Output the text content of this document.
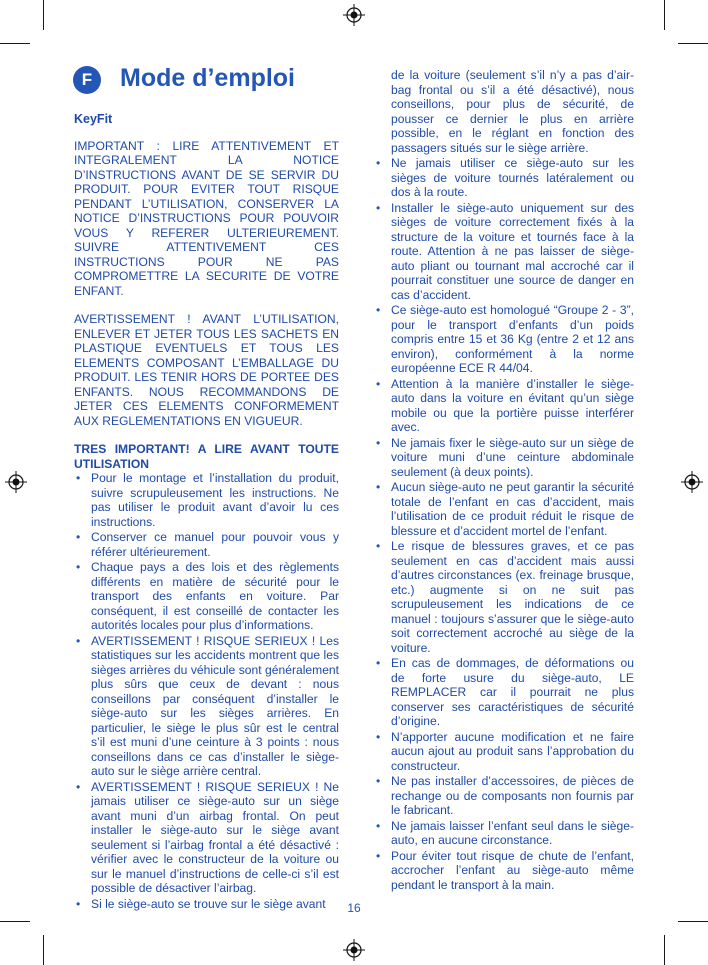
F	Mode d’emploi

KeyFit

IMPORTANT : LIRE ATTENTIVEMENT ET INTEGRALEMENT LA NOTICE D’INSTRUCTIONS AVANT DE SE SERVIR DU PRODUIT. POUR EVITER TOUT RISQUE PENDANT L’UTILISATION, CONSERVER LA NOTICE D’INSTRUCTIONS POUR POUVOIR VOUS Y REFERER ULTERIEUREMENT. SUIVRE ATTENTIVEMENT CES INSTRUCTIONS POUR NE PAS COMPROMETTRE LA SECURITE DE VOTRE ENFANT.

AVERTISSEMENT ! AVANT L’UTILISATION, ENLEVER ET JETER TOUS LES SACHETS EN PLASTIQUE EVENTUELS ET TOUS LES ELEMENTS COMPOSANT L’EMBALLAGE DU PRODUIT. LES TENIR HORS DE PORTEE DES ENFANTS. NOUS RECOMMANDONS DE JETER CES ELEMENTS CONFORMEMENT AUX REGLEMENTATIONS EN VIGUEUR.

TRES IMPORTANT! A LIRE AVANT TOUTE UTILISATION

• Pour le montage et l’installation du produit, suivre scrupuleusement les instructions. Ne pas utiliser le produit avant d’avoir lu ces instructions.
• Conserver ce manuel pour pouvoir vous y référer ultérieurement.
• Chaque pays a des lois et des règlements différents en matière de sécurité pour le transport des enfants en voiture. Par conséquent, il est conseillé de contacter les autorités locales pour plus d’informations.
• AVERTISSEMENT ! RISQUE SERIEUX ! Les statistiques sur les accidents montrent que les sièges arrières du véhicule sont généralement plus sûrs que ceux de devant : nous conseillons par conséquent d’installer le siège-auto sur les sièges arrières. En particulier, le siège le plus sûr est le central s’il est muni d’une ceinture à 3 points : nous conseillons dans ce cas d’installer le siège-auto sur le siège arrière central.
• AVERTISSEMENT ! RISQUE SERIEUX ! Ne jamais utiliser ce siège-auto sur un siège avant muni d’un airbag frontal. On peut installer le siège-auto sur le siège avant seulement si l’airbag frontal a été désactivé : vérifier avec le constructeur de la voiture ou sur le manuel d’instructions de celle-ci s’il est possible de désactiver l’airbag.
• Si le siège-auto se trouve sur le siège avant

de la voiture (seulement s’il n’y a pas d’air-bag frontal ou s’il a été désactivé), nous conseillons, pour plus de sécurité, de pousser ce dernier le plus en arrière possible, en le réglant en fonction des passagers situés sur le siège arrière.

• Ne jamais utiliser ce siège-auto sur les sièges de voiture tournés latéralement ou dos à la route.
• Installer le siège-auto uniquement sur des sièges de voiture correctement fixés à la structure de la voiture et tournés face à la route. Attention à ne pas laisser de siège-auto pliant ou tournant mal accroché car il pourrait constituer une source de danger en cas d’accident.
• Ce siège-auto est homologué “Groupe 2 - 3”, pour le transport d’enfants d’un poids compris entre 15 et 36 Kg (entre 2 et 12 ans environ), conformément à la norme européenne ECE R 44/04.
• Attention à la manière d’installer le siège-auto dans la voiture en évitant qu’un siège mobile ou que la portière puisse interférer avec.
• Ne jamais fixer le siège-auto sur un siège de voiture muni d’une ceinture abdominale seulement (à deux points).
• Aucun siège-auto ne peut garantir la sécurité totale de l’enfant en cas d’accident, mais l’utilisation de ce produit réduit le risque de blessure et d’accident mortel de l’enfant.
• Le risque de blessures graves, et ce pas seulement en cas d’accident mais aussi d’autres circonstances (ex. freinage brusque, etc.) augmente si on ne suit pas scrupuleusement les indications de ce manuel : toujours s’assurer que le siège-auto soit correctement accroché au siège de la voiture.
• En cas de dommages, de déformations ou de forte usure du siège-auto, LE REMPLACER car il pourrait ne plus conserver ses caractéristiques de sécurité d’origine.
• N’apporter aucune modification et ne faire aucun ajout au produit sans l’approbation du constructeur.
• Ne pas installer d’accessoires, de pièces de rechange ou de composants non fournis par le fabricant.
• Ne jamais laisser l’enfant seul dans le siège-auto, en aucune circonstance.
• Pour éviter tout risque de chute de l’enfant, accrocher l’enfant au siège-auto même pendant le transport à la main.
16
